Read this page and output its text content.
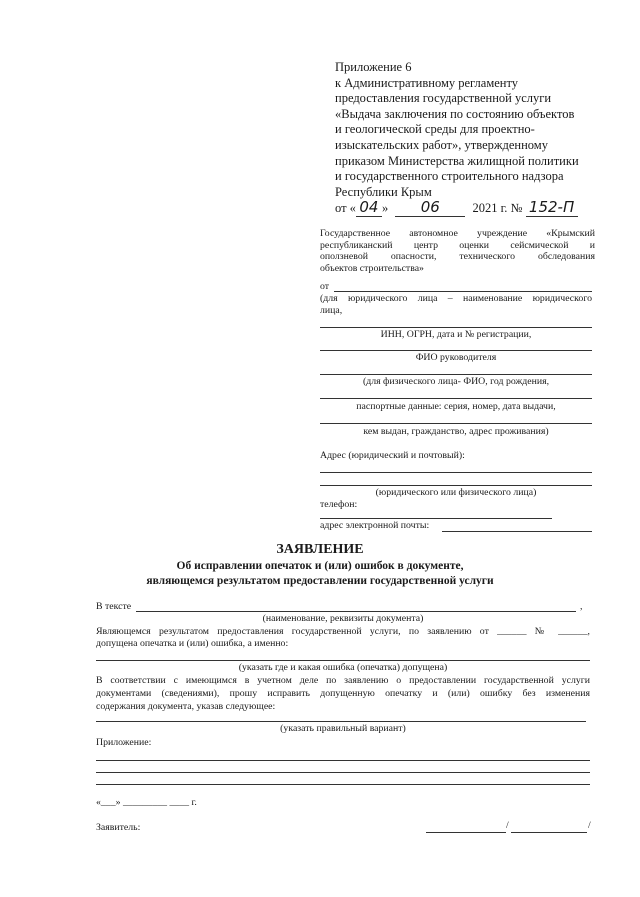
Приложение 6
к Административному регламенту
предоставления государственной услуги
«Выдача заключения по состоянию объектов
и геологической среды для проектно-
изыскательских работ», утвержденному
приказом Министерства жилищной политики
и государственного строительного надзора
Республики Крым
от « 04 » 06	2021 г. № 152-П
Государственное автономное учреждение «Крымский
республиканский центр оценки сейсмической и
оползневой опасности, технического обследования
объектов строительства»
от
(для юридического лица – наименование юридического
лица,
ИНН, ОГРН, дата и № регистрации,
ФИО руководителя
(для физического лица- ФИО, год рождения,
паспортные данные: серия, номер, дата выдачи,
кем выдан, гражданство, адрес проживания)
Адрес (юридический и почтовый):
(юридического или физического лица)
телефон:
адрес электронной почты:
ЗАЯВЛЕНИЕ
Об исправлении опечаток и (или) ошибок в документе,
являющемся результатом предоставлении государственной услуги
В тексте	,
(наименование, реквизиты документа)
Являющемся результатом предоставления государственной услуги, по заявлению от ______ № ______,
допущена опечатка и (или) ошибка, а именно:
(указать где и какая ошибка (опечатка) допущена)
В соответствии с имеющимся в учетном деле по заявлению о предоставлении государственной услуги
документами (сведениями), прошу исправить допущенную опечатку и (или) ошибку без изменения
содержания документа, указав следующее:
(указать правильный вариант)
Приложение:
«___» _________ ____ г.
Заявитель:	/	/
